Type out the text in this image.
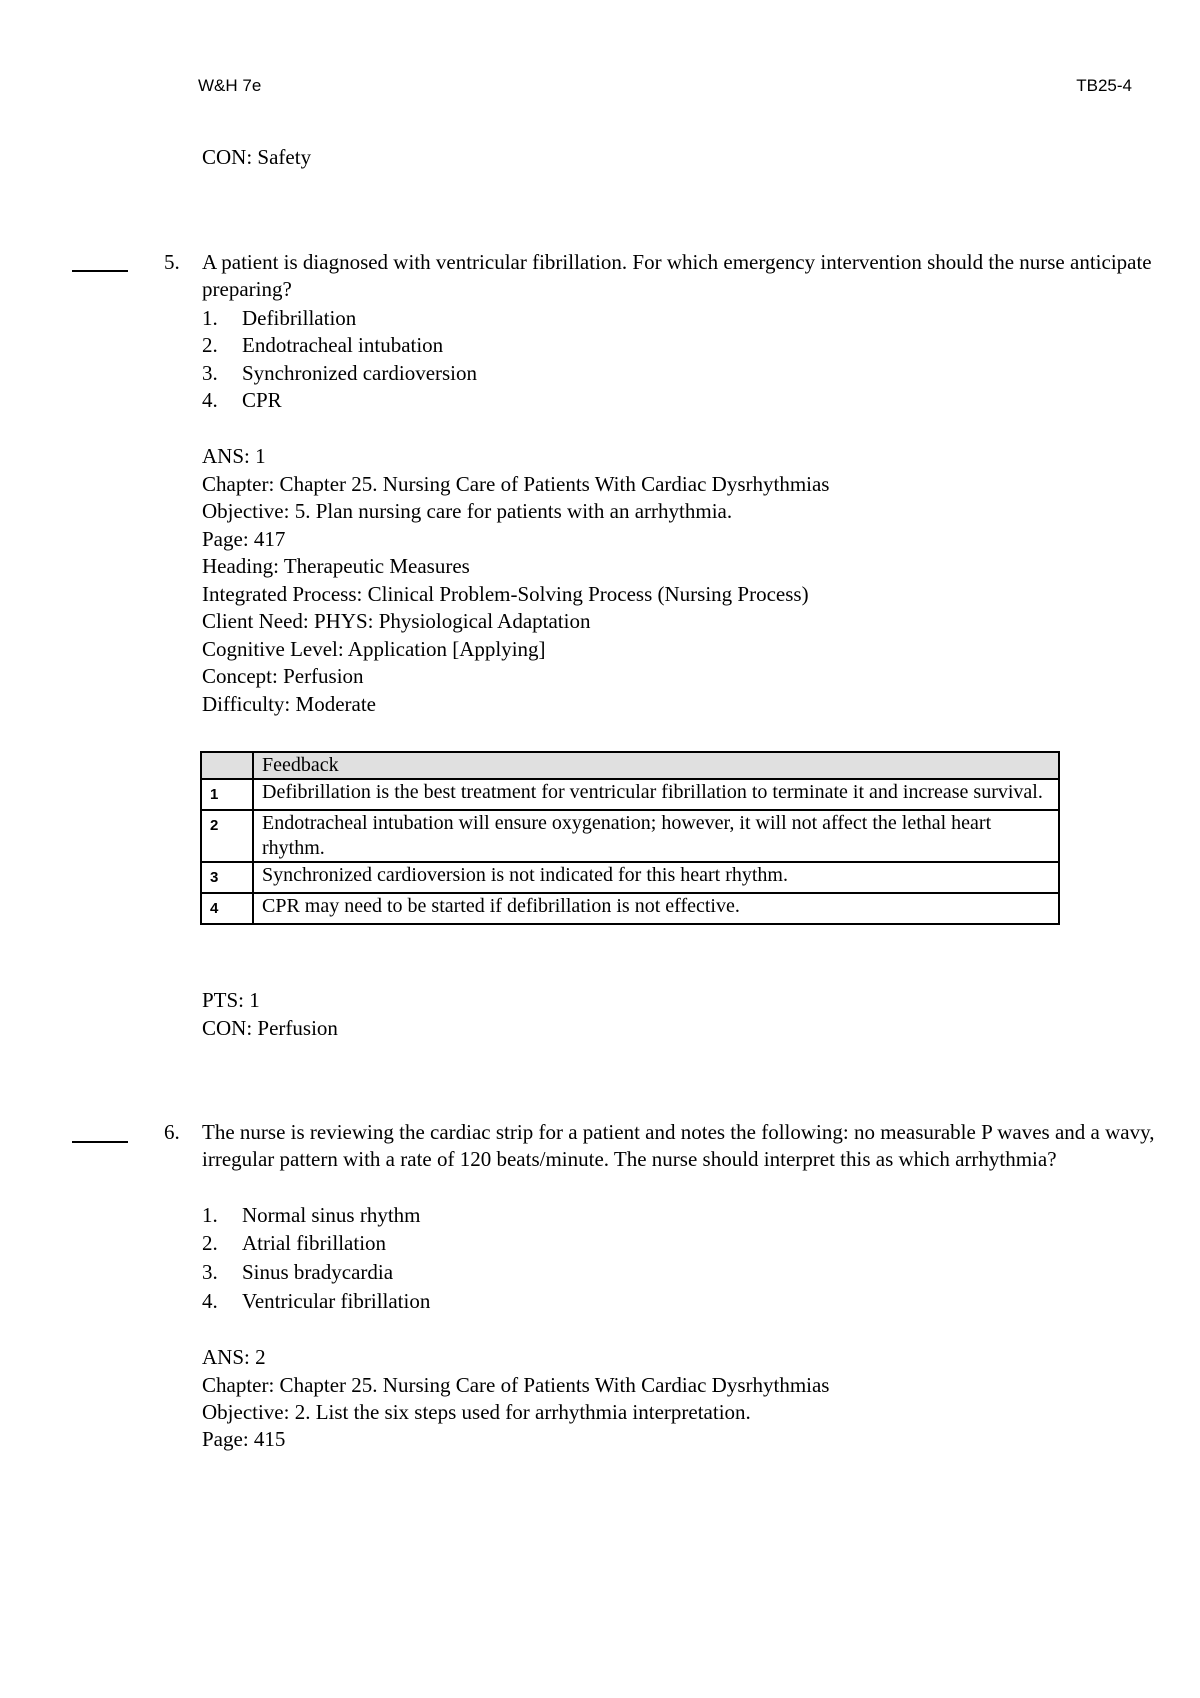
W&H 7e	TB25-4
CON: Safety
5. A patient is diagnosed with ventricular fibrillation. For which emergency intervention should the nurse anticipate preparing?
1. Defibrillation
2. Endotracheal intubation
3. Synchronized cardioversion
4. CPR
ANS: 1
Chapter: Chapter 25. Nursing Care of Patients With Cardiac Dysrhythmias
Objective: 5. Plan nursing care for patients with an arrhythmia.
Page: 417
Heading: Therapeutic Measures
Integrated Process: Clinical Problem-Solving Process (Nursing Process)
Client Need: PHYS: Physiological Adaptation
Cognitive Level: Application [Applying]
Concept: Perfusion
Difficulty: Moderate
	Feedback
1	Defibrillation is the best treatment for ventricular fibrillation to terminate it and increase survival.
2	Endotracheal intubation will ensure oxygenation; however, it will not affect the lethal heart rhythm.
3	Synchronized cardioversion is not indicated for this heart rhythm.
4	CPR may need to be started if defibrillation is not effective.
PTS: 1
CON: Perfusion
6. The nurse is reviewing the cardiac strip for a patient and notes the following: no measurable P waves and a wavy, irregular pattern with a rate of 120 beats/minute. The nurse should interpret this as which arrhythmia?
1. Normal sinus rhythm
2. Atrial fibrillation
3. Sinus bradycardia
4. Ventricular fibrillation
ANS: 2
Chapter: Chapter 25. Nursing Care of Patients With Cardiac Dysrhythmias
Objective: 2. List the six steps used for arrhythmia interpretation.
Page: 415
